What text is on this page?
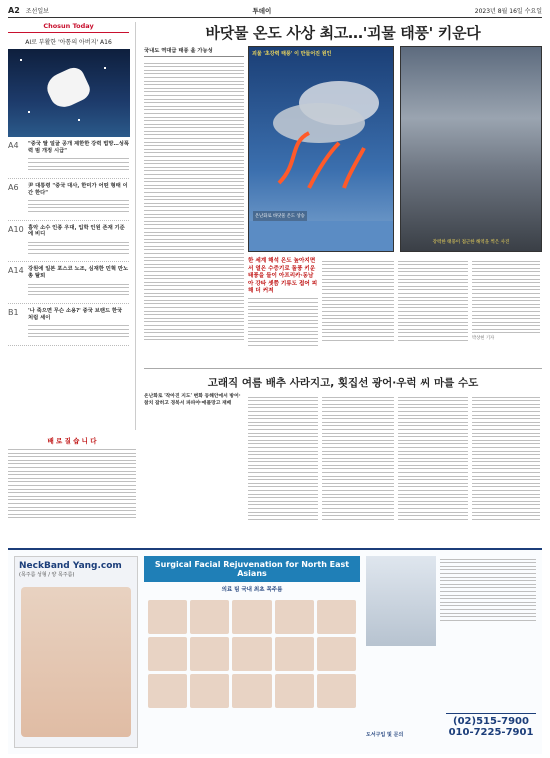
A2 조선일보	투데이	2023년 8월 16일 수요일
Chosun Today
AI로 부활한 '아톰의 아버지' A16
A4	"중국 딸 얼굴 공개 제한한 강력 법망…성폭력 범 개정 시급"
A6	尹 대통령 "중국 대사, 한미가 어떤 형태 이간 한다"
A10 흉악 소수 인종 우대, 입학 인원 존재 기준에 비디
A14 강원에 일본 포스코 노조, 심재한 민혁 만노총 탈퇴
B1	'나 죽으면 무슨 소용?' 중국 브랜드 한국 처럼 세이
바닷물 온도 사상 최고…'괴물 태풍' 키운다
국내도 역대급 태풍 올 가능성	괴물 '초강력 태풍' 이 만들어진 원인
온난화로 바닷물 온도 상승
강력한 태풍이 접근한 해역을 찍은 사진
한 세계 해석 온도 높아지면서 열온 수증기로 돌풍 키운 태풍을 들이 아프리카·동남아 강타 셋쯤 기류도 접어 피해 더 커져
박상현 기자
고래직 여름 배추 사라지고, 횟집선 광어·우럭 씨 마를 수도
온난화로 '작아진 지도' 변화 동해안에서 방어·참치 잡히고 경북서 파파야·애플망고 재배
배 로 질 습 니 다
NeckBand Yang.com
(목주름 성형 / 양 목주름)
Surgical Facial Rejuvenation for North East Asians
의료 팀 국내 최초 목주름
도서구입 및 문의
(02)515-7900
010-7225-7901
